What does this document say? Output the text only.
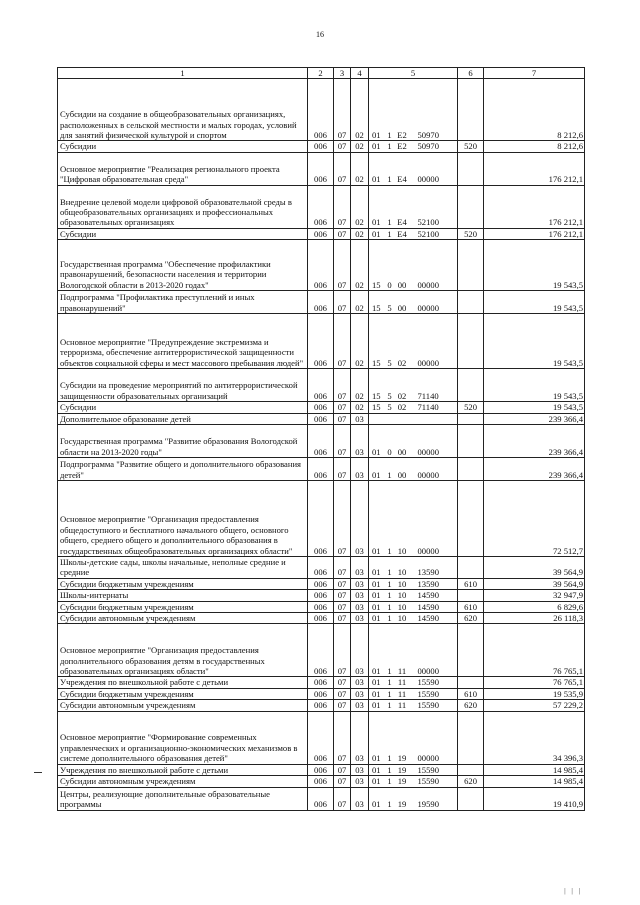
16
1	2	3	4	5				6	7
Субсидии на создание в общеобразовательных организациях, расположенных в сельской местности и малых городах, условий для занятий физической культурой и спортом	006	07	02	01	1	E2	50970		8 212,6
Субсидии	006	07	02	01	1	E2	50970	520	8 212,6
Основное мероприятие "Реализация регионального проекта "Цифровая образовательная среда"	006	07	02	01	1	E4	00000		176 212,1
Внедрение целевой модели цифровой образовательной среды в общеобразовательных организациях и профессиональных образовательных организациях	006	07	02	01	1	E4	52100		176 212,1
Субсидии	006	07	02	01	1	E4	52100	520	176 212,1
Государственная программа "Обеспечение профилактики правонарушений, безопасности населения и территории Вологодской области в 2013-2020 годах"	006	07	02	15	0	00	00000		19 543,5
Подпрограмма "Профилактика преступлений и иных правонарушений"	006	07	02	15	5	00	00000		19 543,5
Основное мероприятие "Предупреждение экстремизма и терроризма, обеспечение антитеррористической защищенности объектов социальной сферы и мест массового пребывания людей"	006	07	02	15	5	02	00000		19 543,5
Субсидии на проведение мероприятий по антитеррористической защищенности образовательных организаций	006	07	02	15	5	02	71140		19 543,5
Субсидии	006	07	02	15	5	02	71140	520	19 543,5
Дополнительное образование детей	006	07	03						239 366,4
Государственная программа "Развитие образования Вологодской области на 2013-2020 годы"	006	07	03	01	0	00	00000		239 366,4
Подпрограмма "Развитие общего и дополнительного образования детей"	006	07	03	01	1	00	00000		239 366,4
Основное мероприятие "Организация предоставления общедоступного и бесплатного начального общего, основного общего, среднего общего и дополнительного образования в государственных общеобразовательных организациях области"	006	07	03	01	1	10	00000		72 512,7
Школы-детские сады, школы начальные, неполные средние и средние	006	07	03	01	1	10	13590		39 564,9
Субсидии бюджетным учреждениям	006	07	03	01	1	10	13590	610	39 564,9
Школы-интернаты	006	07	03	01	1	10	14590		32 947,9
Субсидии бюджетным учреждениям	006	07	03	01	1	10	14590	610	6 829,6
Субсидии автономным учреждениям	006	07	03	01	1	10	14590	620	26 118,3
Основное мероприятие "Организация предоставления дополнительного образования детям в государственных образовательных организациях области"	006	07	03	01	1	11	00000		76 765,1
Учреждения по внешкольной работе с детьми	006	07	03	01	1	11	15590		76 765,1
Субсидии бюджетным учреждениям	006	07	03	01	1	11	15590	610	19 535,9
Субсидии автономным учреждениям	006	07	03	01	1	11	15590	620	57 229,2
Основное мероприятие "Формирование современных управленческих и организационно-экономических механизмов в системе дополнительного образования детей"	006	07	03	01	1	19	00000		34 396,3
Учреждения по внешкольной работе с детьми	006	07	03	01	1	19	15590		14 985,4
Субсидии автономным учреждениям	006	07	03	01	1	19	15590	620	14 985,4
Центры, реализующие дополнительные образовательные программы	006	07	03	01	1	19	19590		19 410,9
| | |
